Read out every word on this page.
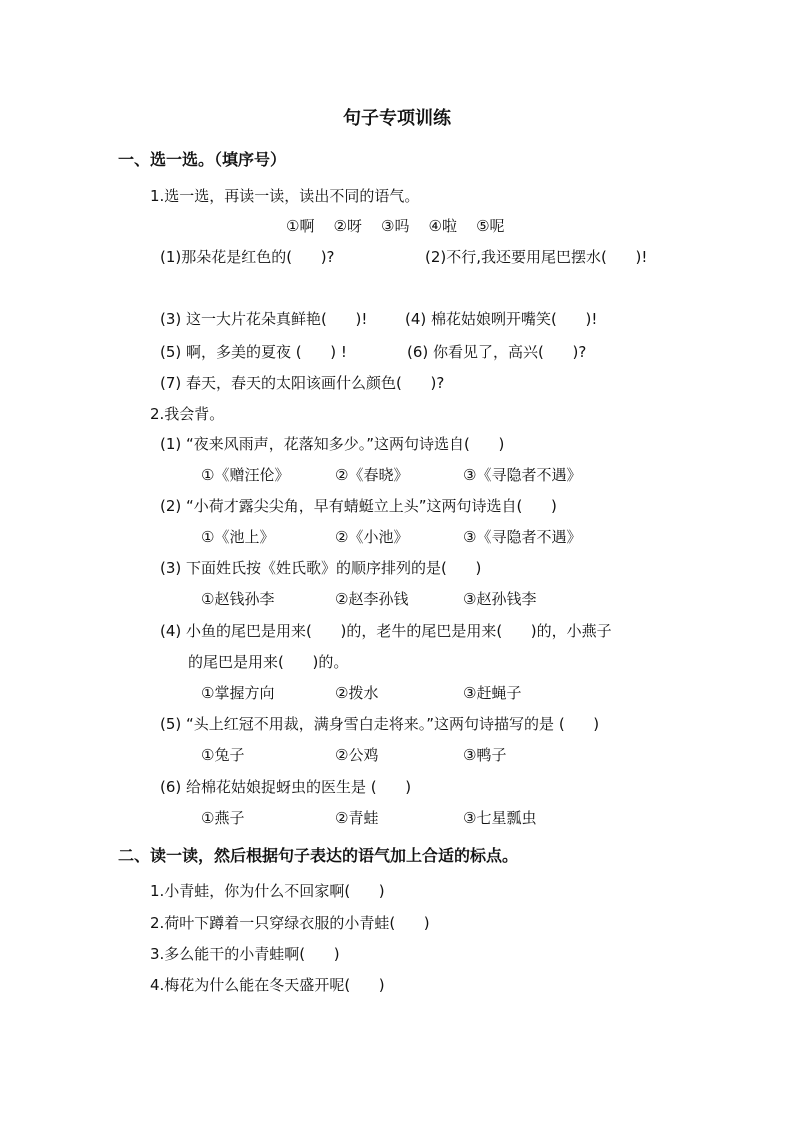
句子专项训练
一、选一选。（填序号）
1.选一选，再读一读，读出不同的语气。
①啊    ②呀    ③吗    ④啦    ⑤呢
(1)那朵花是红色的(      )?	(2)不行,我还要用尾巴摆水(      )!
(3) 这一大片花朵真鲜艳(      )!	(4) 棉花姑娘咧开嘴笑(      )!
(5) 啊，多美的夏夜 (      ) !	(6) 你看见了，高兴(      )?
(7) 春天，春天的太阳该画什么颜色(      )?
2.我会背。
(1) “夜来风雨声，花落知多少。”这两句诗选自(      )
①《赠汪伦》	②《春晓》	③《寻隐者不遇》
(2) “小荷才露尖尖角，早有蜻蜓立上头”这两句诗选自(      )
①《池上》	②《小池》	③《寻隐者不遇》
(3) 下面姓氏按《姓氏歌》的顺序排列的是(      )
①赵钱孙李	②赵李孙钱	③赵孙钱李
(4) 小鱼的尾巴是用来(      )的，老牛的尾巴是用来(      )的，小燕子
的尾巴是用来(      )的。
①掌握方向	②拨水	③赶蝇子
(5) “头上红冠不用裁，满身雪白走将来。”这两句诗描写的是 (      )
①兔子	②公鸡	③鸭子
(6) 给棉花姑娘捉蚜虫的医生是 (      )
①燕子	②青蛙	③七星瓢虫
二、读一读，然后根据句子表达的语气加上合适的标点。
1.小青蛙，你为什么不回家啊(      )
2.荷叶下蹲着一只穿绿衣服的小青蛙(      )
3.多么能干的小青蛙啊(      )
4.梅花为什么能在冬天盛开呢(      )
